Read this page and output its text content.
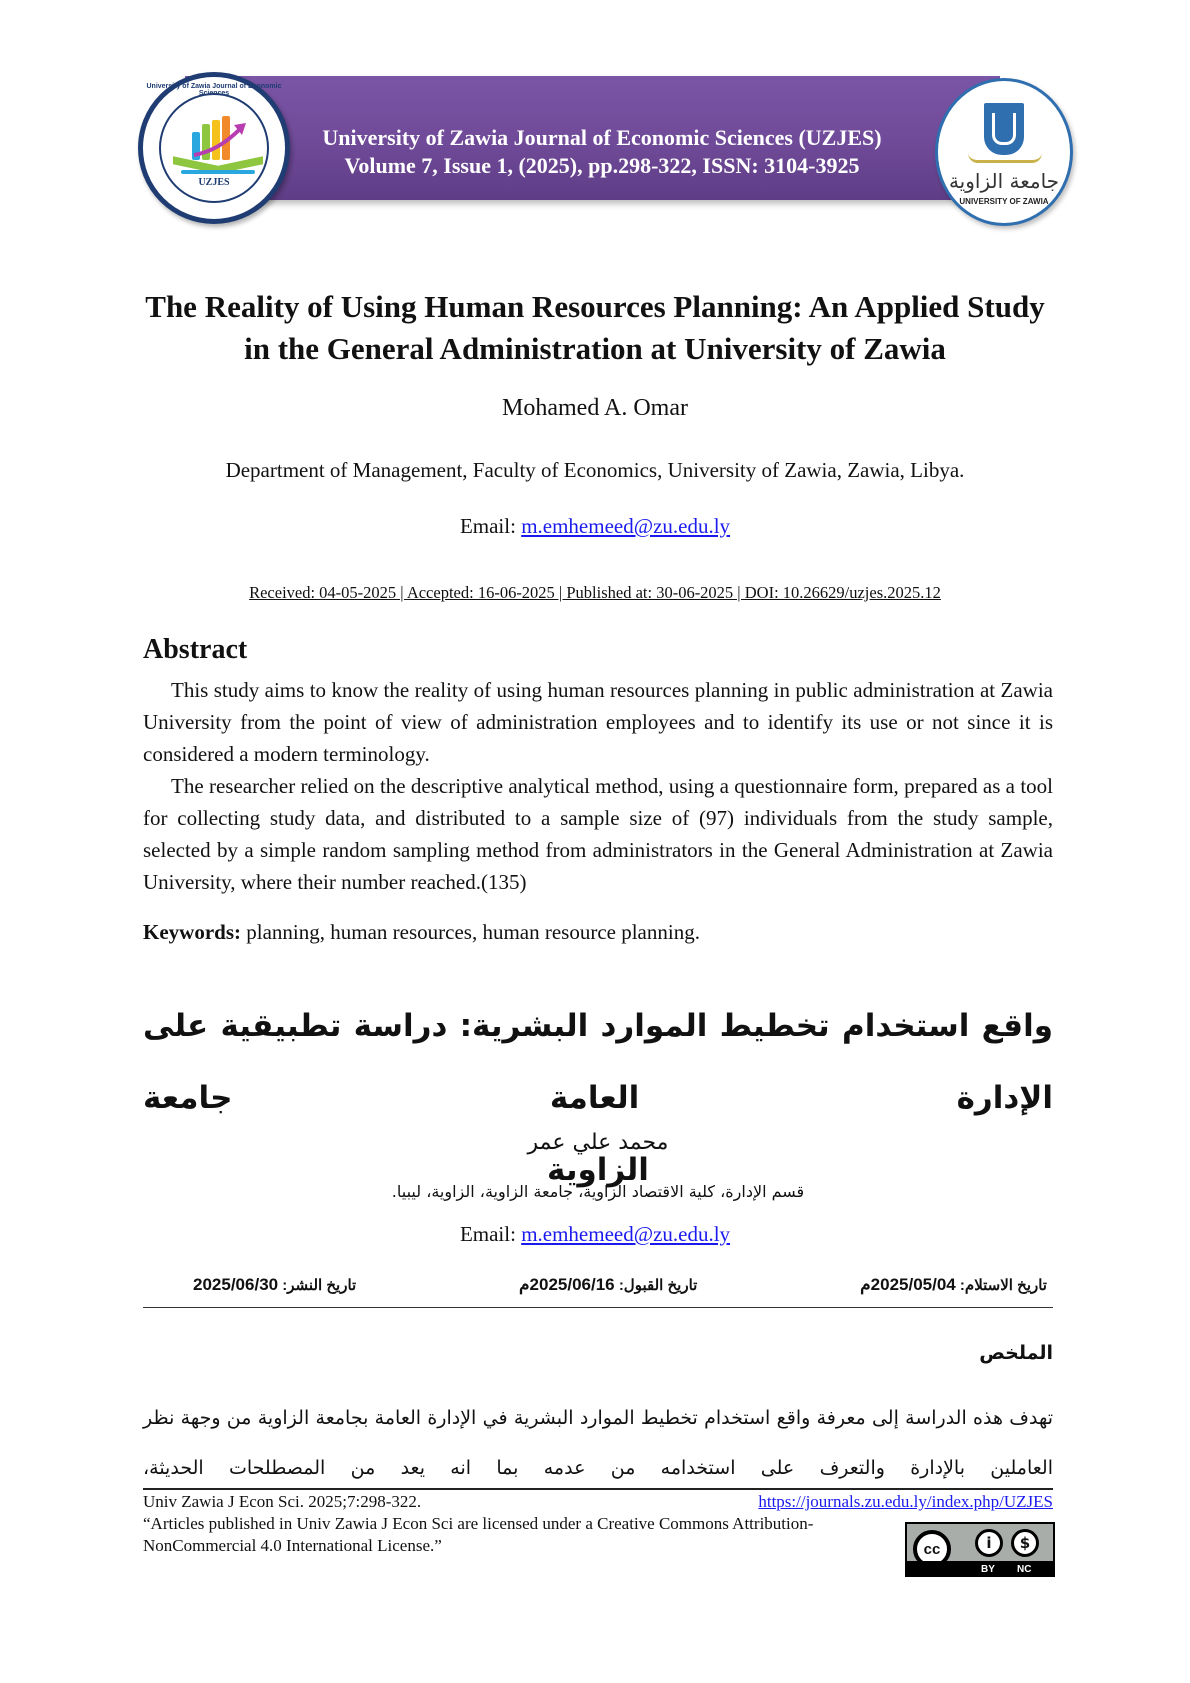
University of Zawia Journal of Economic Sciences
UZJES
University of Zawia Journal of Economic Sciences (UZJES)
Volume 7, Issue 1, (2025), pp.298-322, ISSN: 3104-3925
جامعة الزاوية
UNIVERSITY OF ZAWIA
The Reality of Using Human Resources Planning: An Applied Study in the General Administration at University of Zawia
Mohamed A. Omar
Department of Management, Faculty of Economics, University of Zawia, Zawia, Libya.
Email: m.emhemeed@zu.edu.ly
Received: 04-05-2025 | Accepted: 16-06-2025 | Published at: 30-06-2025 | DOI: 10.26629/uzjes.2025.12
Abstract

This study aims to know the reality of using human resources planning in public administration at Zawia University from the point of view of administration employees and to identify its use or not since it is considered a modern terminology.

The researcher relied on the descriptive analytical method, using a questionnaire form, prepared as a tool for collecting study data, and distributed to a sample size of (97) individuals from the study sample, selected by a simple random sampling method from administrators in the General Administration at Zawia University, where their number reached.(135)

Keywords: planning, human resources, human resource planning.
واقع استخدام تخطيط الموارد البشرية: دراسة تطبيقية على الإدارة العامة جامعة
الزاوية
محمد علي عمر
قسم الإدارة، كلية الاقتصاد الزاوية، جامعة الزاوية، الزاوية، ليبيا.
Email: m.emhemeed@zu.edu.ly
تاريخ الاستلام: 2025/05/04م
تاريخ القبول: 2025/06/16م
تاريخ النشر: 2025/06/30
الملخص
تهدف هذه الدراسة إلى معرفة واقع استخدام تخطيط الموارد البشرية في الإدارة العامة بجامعة الزاوية من وجهة نظر العاملين بالإدارة والتعرف على استخدامه من عدمه بما انه يعد من المصطلحات الحديثة،
Univ Zawia J Econ Sci. 2025;7:298-322.	https://journals.zu.edu.ly/index.php/UZJES
“Articles published in Univ Zawia J Econ Sci are licensed under a Creative Commons Attribution-NonCommercial 4.0 International License.”	cc	i	$
BY NC
